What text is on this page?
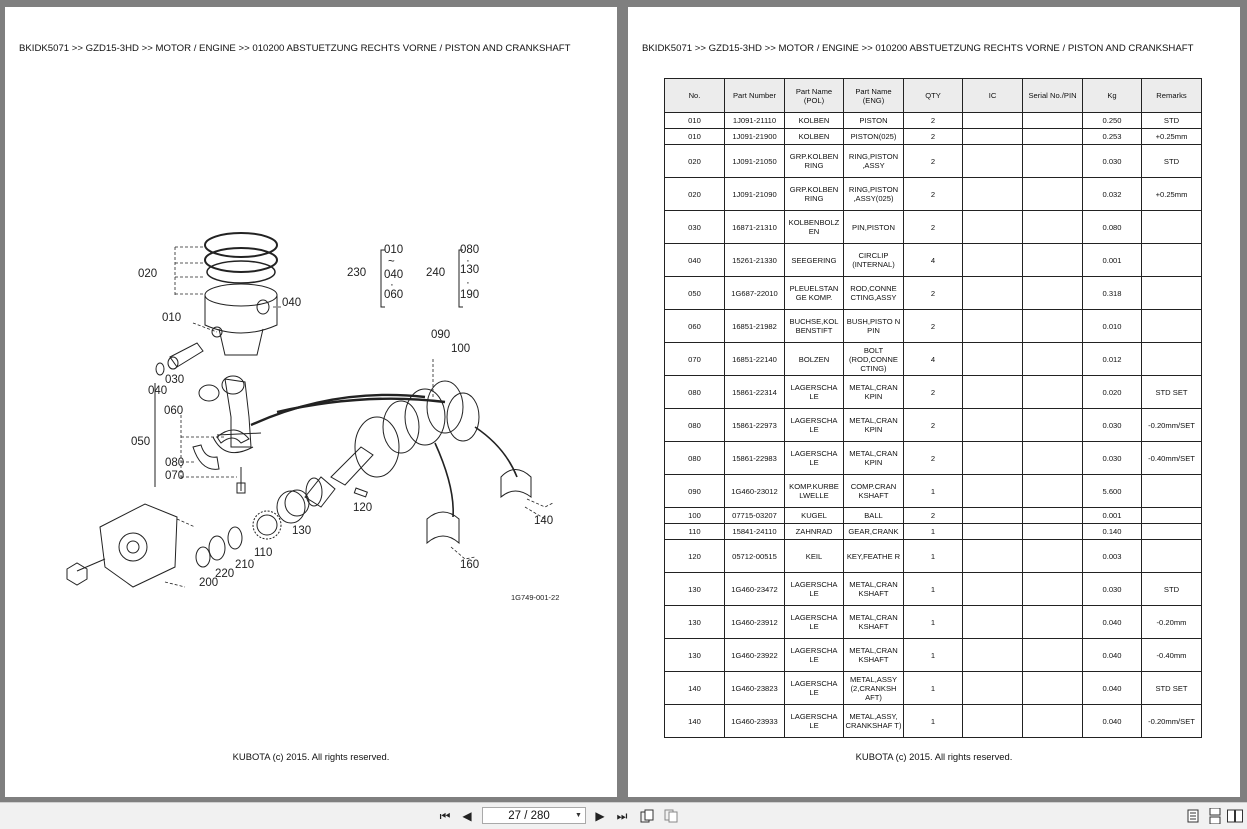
BKIDK5071 >> GZD15-3HD >> MOTOR / ENGINE >> 010200 ABSTUETZUNG RECHTS VORNE / PISTON AND CRANKSHAFT
020
010
040
030
040
060
050
080
070
230
010
~
040
·
060
240
080
·
130
·
190
090
100
120
130
110
210
220
200
140
160
1G749-001-22
KUBOTA (c) 2015. All rights reserved.
BKIDK5071 >> GZD15-3HD >> MOTOR / ENGINE >> 010200 ABSTUETZUNG RECHTS VORNE / PISTON AND CRANKSHAFT
No.	Part Number	Part Name (POL)	Part Name (ENG)	QTY	IC	Serial No./PIN	Kg	Remarks
010	1J091-21110	KOLBEN	PISTON	2			0.250	STD
010	1J091-21900	KOLBEN	PISTON(025)	2			0.253	+0.25mm
020	1J091-21050	GRP.KOLBEN RING	RING,PISTON ,ASSY	2			0.030	STD
020	1J091-21090	GRP.KOLBEN RING	RING,PISTON ,ASSY(025)	2			0.032	+0.25mm
030	16871-21310	KOLBENBOLZ EN	PIN,PISTON	2			0.080	
040	15261-21330	SEEGERING	CIRCLIP (INTERNAL)	4			0.001	
050	1G687-22010	PLEUELSTAN GE KOMP.	ROD,CONNE CTING,ASSY	2			0.318	
060	16851-21982	BUCHSE,KOL BENSTIFT	BUSH,PISTO N PIN	2			0.010	
070	16851-22140	BOLZEN	BOLT (ROD,CONNE CTING)	4			0.012	
080	15861-22314	LAGERSCHA LE	METAL,CRAN KPIN	2			0.020	STD SET
080	15861-22973	LAGERSCHA LE	METAL,CRAN KPIN	2			0.030	-0.20mm/SET
080	15861-22983	LAGERSCHA LE	METAL,CRAN KPIN	2			0.030	-0.40mm/SET
090	1G460-23012	KOMP.KURBE LWELLE	COMP.CRAN KSHAFT	1			5.600	
100	07715-03207	KUGEL	BALL	2			0.001	
110	15841-24110	ZAHNRAD	GEAR,CRANK	1			0.140	
120	05712-00515	KEIL	KEY,FEATHE R	1			0.003	
130	1G460-23472	LAGERSCHA LE	METAL,CRAN KSHAFT	1			0.030	STD
130	1G460-23912	LAGERSCHA LE	METAL,CRAN KSHAFT	1			0.040	-0.20mm
130	1G460-23922	LAGERSCHA LE	METAL,CRAN KSHAFT	1			0.040	-0.40mm
140	1G460-23823	LAGERSCHA LE	METAL,ASSY (2,CRANKSH AFT)	1			0.040	STD SET
140	1G460-23933	LAGERSCHA LE	METAL,ASSY, CRANKSHAF T)	1			0.040	-0.20mm/SET
KUBOTA (c) 2015. All rights reserved.
⏮ ◀	27 / 280	▼	▶ ⏭
